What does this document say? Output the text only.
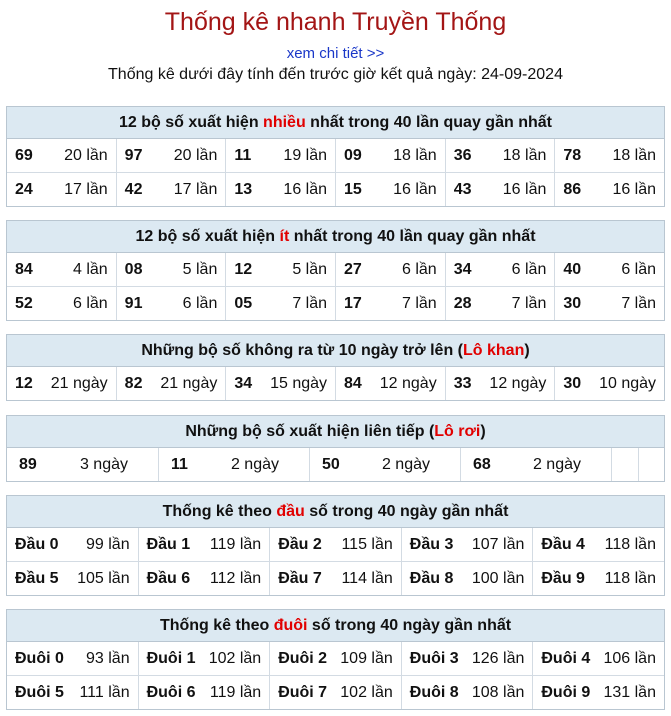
Thống kê nhanh Truyền Thống
xem chi tiết >>
Thống kê dưới đây tính đến trước giờ kết quả ngày: 24-09-2024
12 bộ số xuất hiện nhiều nhất trong 40 lần quay gần nhất
69 20 lần 97 20 lần 11 19 lần 09 18 lần 36 18 lần 78 18 lần
24 17 lần 42 17 lần 13 16 lần 15 16 lần 43 16 lần 86 16 lần
12 bộ số xuất hiện ít nhất trong 40 lần quay gần nhất
84	4 lần 08	5 lần 12	5 lần 27	6 lần 34	6 lần 40	6 lần
52	6 lần 91	6 lần 05	7 lần 17	7 lần 28	7 lần 30	7 lần
Những bộ số không ra từ 10 ngày trở lên (Lô khan)
12 21 ngày 82 21 ngày 34 15 ngày 84 12 ngày 33 12 ngày 30 10 ngày
Những bộ số xuất hiện liên tiếp (Lô rơi)
89	3 ngày	11	2 ngày	50	2 ngày	68	2 ngày
Thống kê theo đầu số trong 40 ngày gần nhất
Đầu 0 99 lần Đầu 1 119 lần Đầu 2 115 lần Đầu 3 107 lần Đầu 4 118 lần
Đầu 5 105 lần Đầu 6 112 lần Đầu 7 114 lần Đầu 8 100 lần Đầu 9 118 lần
Thống kê theo đuôi số trong 40 ngày gần nhất
Đuôi 0 93 lần Đuôi 1 102 lần Đuôi 2 109 lần Đuôi 3 126 lần Đuôi 4 106 lần
Đuôi 5 111 lần Đuôi 6 119 lần Đuôi 7 102 lần Đuôi 8 108 lần Đuôi 9 131 lần
